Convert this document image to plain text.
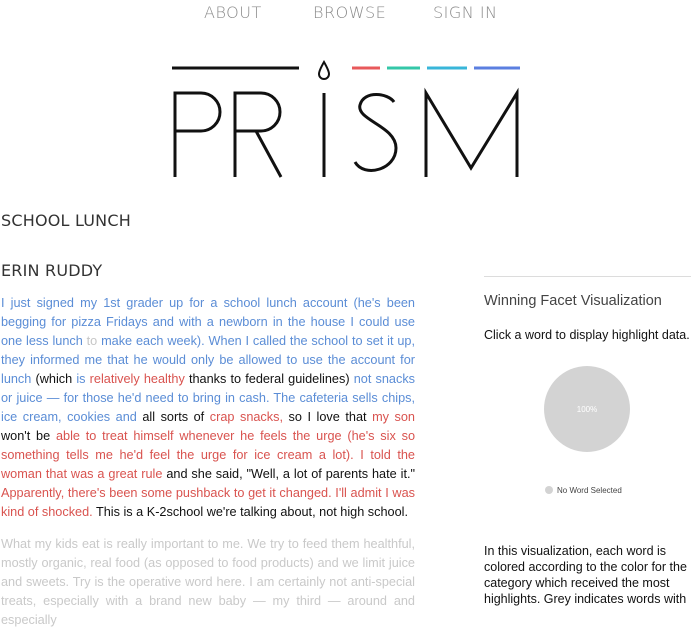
ABOUT	BROWSE	SIGN IN
SCHOOL LUNCH
ERIN RUDDY

I just signed my 1st grader up for a school lunch account (he's been begging for pizza Fridays and with a newborn in the house I could use one less lunch to make each week). When I called the school to set it up, they informed me that he would only be allowed to use the account for lunch (which is relatively healthy thanks to federal guidelines) not snacks or juice — for those he'd need to bring in cash. The cafeteria sells chips, ice cream, cookies and all sorts of crap snacks, so I love that my son won't be able to treat himself whenever he feels the urge (he's six so something tells me he'd feel the urge for ice cream a lot). I told the woman that was a great rule and she said, "Well, a lot of parents hate it." Apparently, there's been some pushback to get it changed. I'll admit I was kind of shocked. This is a K-2school we're talking about, not high school.

What my kids eat is really important to me. We try to feed them healthful, mostly organic, real food (as opposed to food products) and we limit juice and sweets. Try is the operative word here. I am certainly not anti-special treats, especially with a brand new baby — my third — around and especially

Winning Facet Visualization
Click a word to display highlight data.
100%
No Word Selected
In this visualization, each word is colored according to the color for the category which received the most highlights. Grey indicates words with
